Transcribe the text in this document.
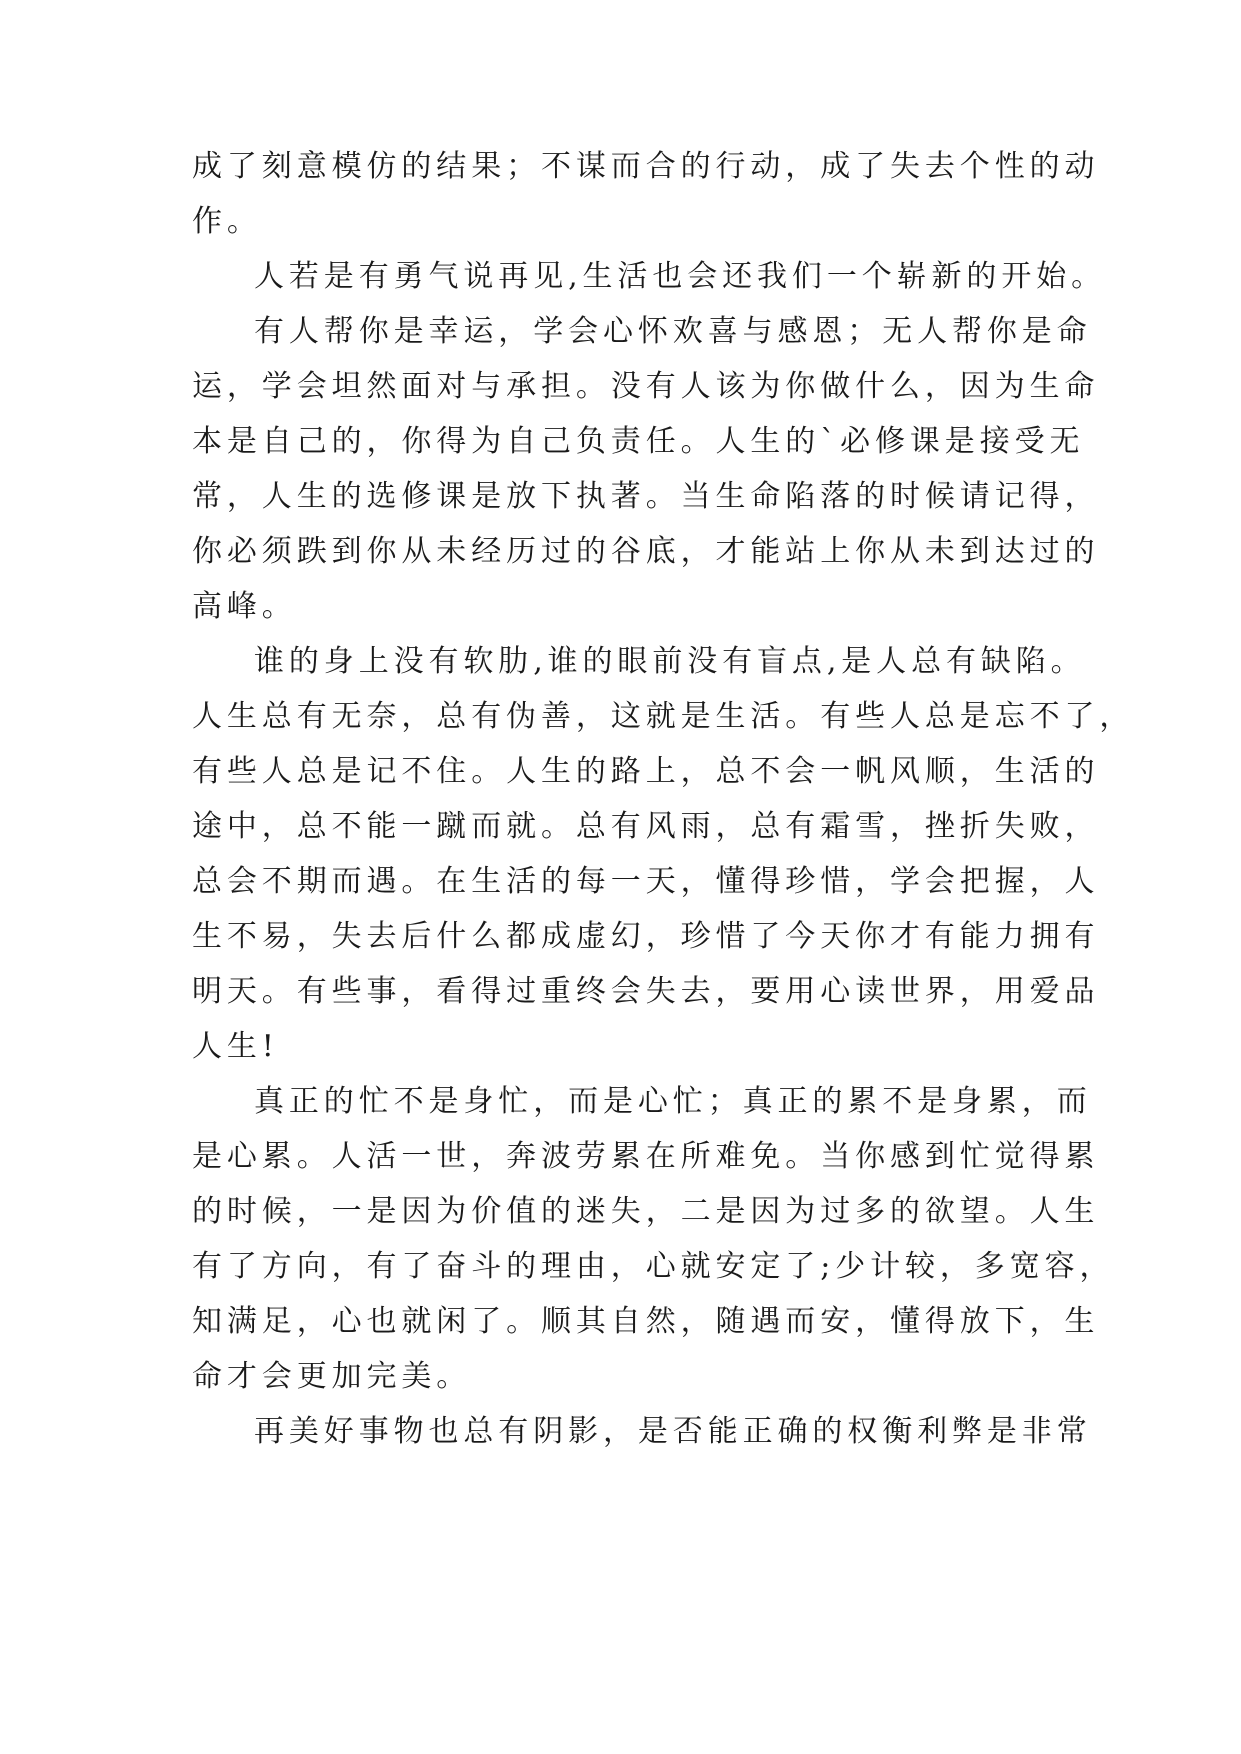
成了刻意模仿的结果；不谋而合的行动，成了失去个性的动
作。
人若是有勇气说再见,生活也会还我们一个崭新的开始。
有人帮你是幸运，学会心怀欢喜与感恩；无人帮你是命
运，学会坦然面对与承担。没有人该为你做什么，因为生命
本是自己的，你得为自己负责任。人生的`必修课是接受无
常，人生的选修课是放下执著。当生命陷落的时候请记得，
你必须跌到你从未经历过的谷底，才能站上你从未到达过的
高峰。
谁的身上没有软肋,谁的眼前没有盲点,是人总有缺陷。
人生总有无奈，总有伪善，这就是生活。有些人总是忘不了，
有些人总是记不住。人生的路上，总不会一帆风顺，生活的
途中，总不能一蹴而就。总有风雨，总有霜雪，挫折失败，
总会不期而遇。在生活的每一天，懂得珍惜，学会把握，人
生不易，失去后什么都成虚幻，珍惜了今天你才有能力拥有
明天。有些事，看得过重终会失去，要用心读世界，用爱品
人生!
真正的忙不是身忙，而是心忙；真正的累不是身累，而
是心累。人活一世，奔波劳累在所难免。当你感到忙觉得累
的时候，一是因为价值的迷失，二是因为过多的欲望。人生
有了方向，有了奋斗的理由，心就安定了;少计较，多宽容，
知满足，心也就闲了。顺其自然，随遇而安，懂得放下，生
命才会更加完美。
再美好事物也总有阴影，是否能正确的权衡利弊是非常
